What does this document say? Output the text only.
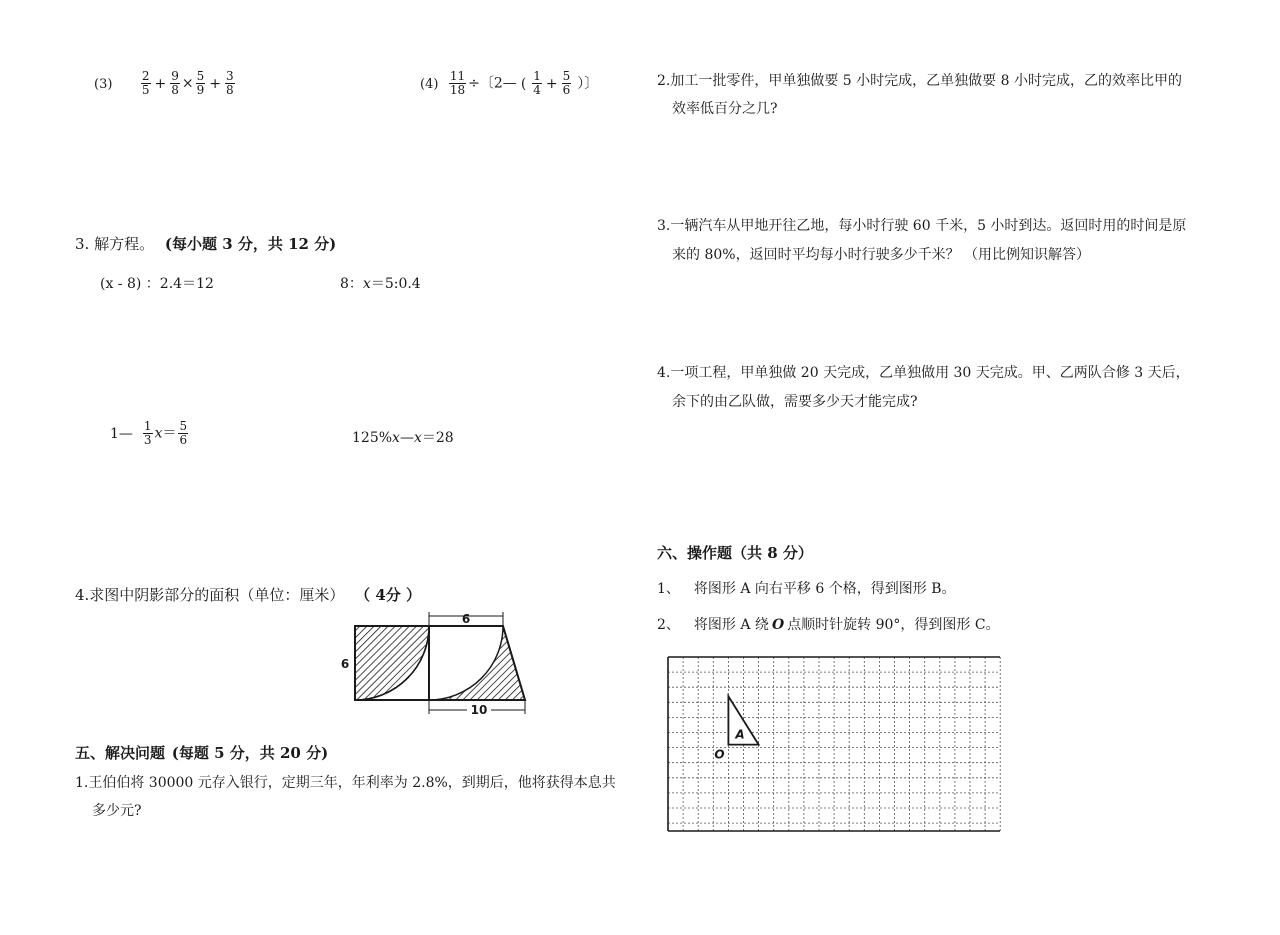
$(3) \frac{2}{5} + \frac{9}{8} \times \frac{5}{9} + \frac{3}{8}$	$(4) \frac{11}{18}$ ÷〔2— ( $\frac{1}{4} + \frac{5}{6}$ ）〕
3. 解方程。 (每小题 3 分，共 12 分)
(x - 8) ：2.4＝12	8：x＝5:0.4
1— $\frac{1}{3} x= \frac{5}{6}$	125%x—x＝28
4.求图中阴影部分的面积（单位：厘米） （ 4分 ）
6
6
10
五、解决问题 (每题 5 分，共 20 分)
1.王伯伯将 30000 元存入银行，定期三年，年利率为 2.8%，到期后，他将获得本息共
多少元?
2.加工一批零件，甲单独做要 5 小时完成，乙单独做要 8 小时完成，乙的效率比甲的
效率低百分之几?
3.一辆汽车从甲地开往乙地，每小时行驶 60 千米，5 小时到达。返回时用的时间是原
来的 80%，返回时平均每小时行驶多少千米？ （用比例知识解答）
4.一项工程，甲单独做 20 天完成，乙单独做用 30 天完成。甲、乙两队合修 3 天后，
余下的由乙队做，需要多少天才能完成?
六、操作题（共 8 分）
1、 将图形 A 向右平移 6 个格，得到图形 B。
2、 将图形 A 绕 O 点顺时针旋转 90°，得到图形 C。
A
O
